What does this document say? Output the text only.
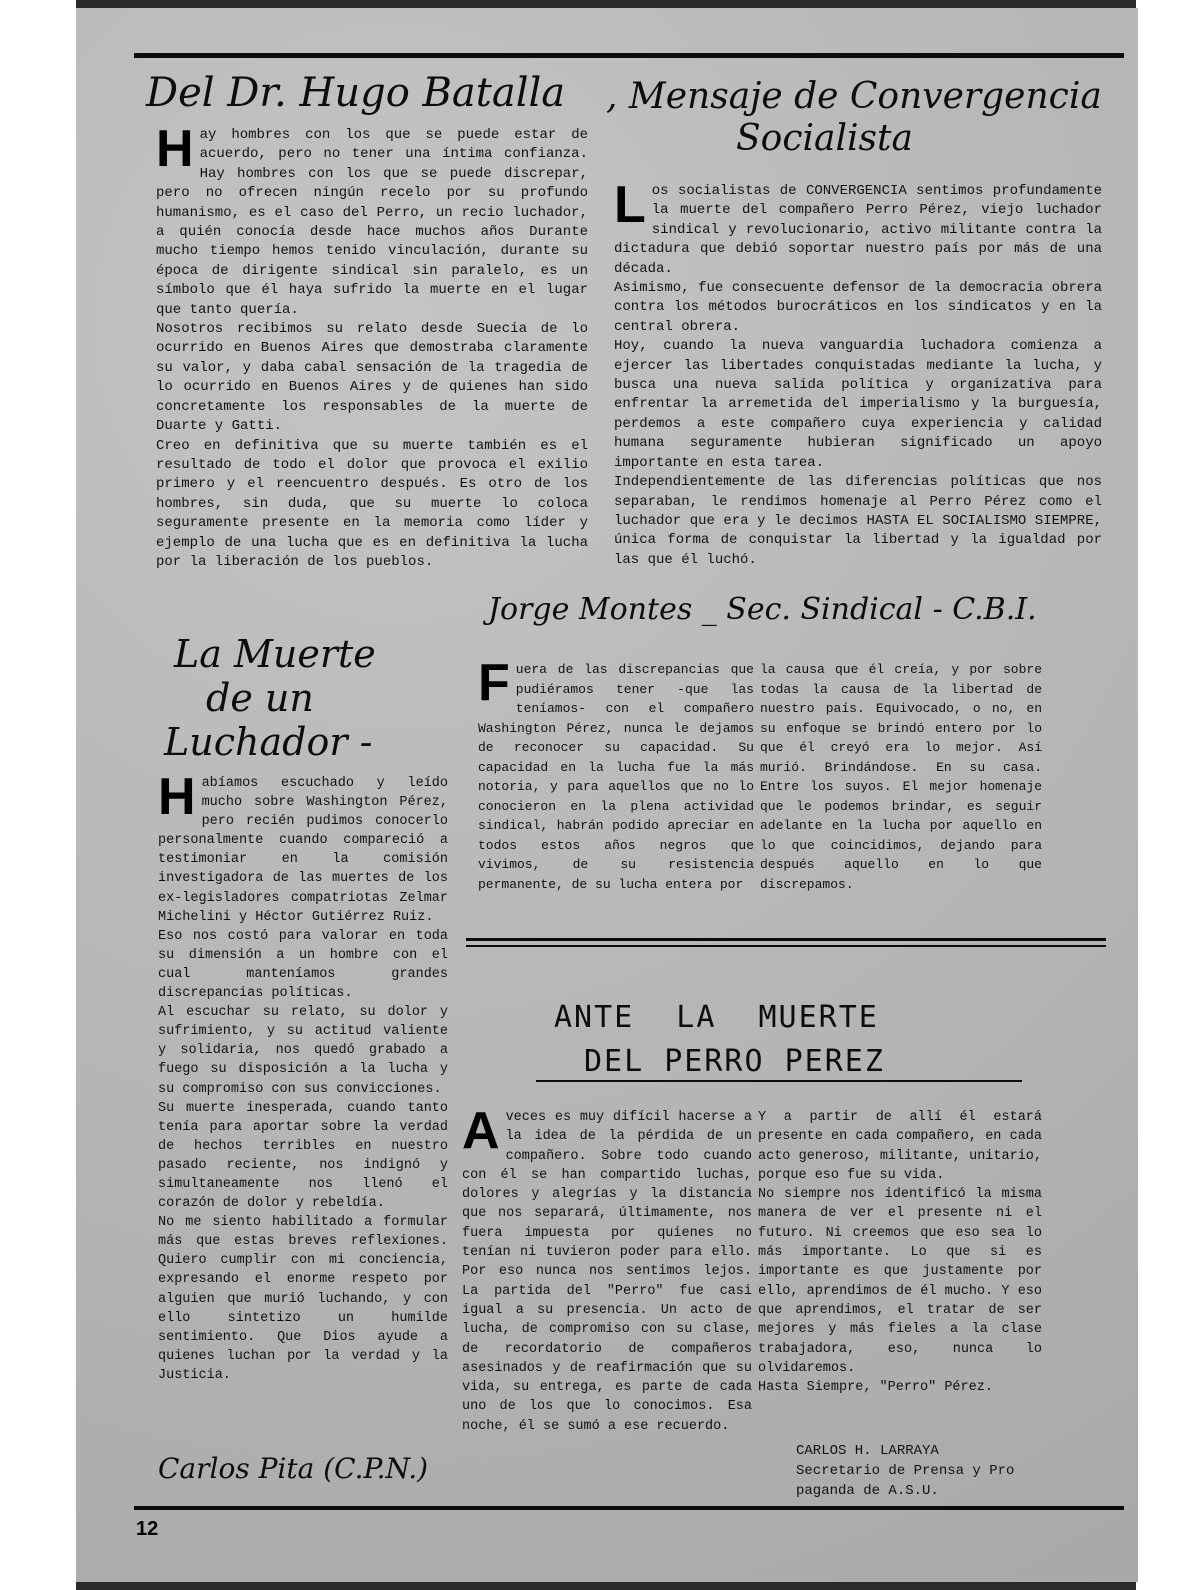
Del Dr. Hugo Batalla
H ay hombres con los que se puede estar de acuerdo, pero no tener una íntima confianza. Hay hombres con los que se puede discrepar, pero no ofrecen ningún recelo por su profundo humanismo, es el caso del Perro, un recio luchador, a quién conocía desde hace muchos años Durante mucho tiempo hemos tenido vinculación, durante su época de dirigente sindical sin paralelo, es un símbolo que él haya sufrido la muerte en el lugar que tanto quería.

Nosotros recibimos su relato desde Suecia de lo ocurrido en Buenos Aires que demostraba claramente su valor, y daba cabal sensación de la tragedia de lo ocurrido en Buenos Aires y de quienes han sido concretamente los responsables de la muerte de Duarte y Gatti.

Creo en definitiva que su muerte también es el resultado de todo el dolor que provoca el exilio primero y el reencuentro después. Es otro de los hombres, sin duda, que su muerte lo coloca seguramente presente en la memoria como líder y ejemplo de una lucha que es en definitiva la lucha por la liberación de los pueblos.

, Mensaje de Convergencia
Socialista
L os socialistas de CONVERGENCIA sentimos profundamente la muerte del compañero Perro Pérez, viejo luchador sindical y revolucionario, activo militante contra la dictadura que debió soportar nuestro país por más de una década.

Asimismo, fue consecuente defensor de la democracia obrera contra los métodos burocráticos en los sindicatos y en la central obrera.

Hoy, cuando la nueva vanguardia luchadora comienza a ejercer las libertades conquistadas mediante la lucha, y busca una nueva salida política y organizativa para enfrentar la arremetida del imperialismo y la burguesía, perdemos a este compañero cuya experiencia y calidad humana seguramente hubieran significado un apoyo importante en esta tarea.

Independientemente de las diferencias políticas que nos separaban, le rendimos homenaje al Perro Pérez como el luchador que era y le decimos HASTA EL SOCIALISMO SIEMPRE, única forma de conquistar la libertad y la igualdad por las que él luchó.

Jorge Montes _ Sec. Sindical - C.B.I.
F uera de las discrepancias que pudiéramos tener -que las teníamos- con el compañero Washington Pérez, nunca le dejamos de reconocer su capacidad. Su capacidad en la lucha fue la más notoria, y para aquellos que no lo conocieron en la plena actividad sindical, habrán podido apreciar en todos estos años negros que vivimos, de su resistencia permanente, de su lucha entera por

la causa que él creía, y por sobre todas la causa de la libertad de nuestro país. Equivocado, o no, en su enfoque se brindó entero por lo que él creyó era lo mejor. Así murió. Brindándose. En su casa. Entre los suyos. El mejor homenaje que le podemos brindar, es seguir adelante en la lucha por aquello en lo que coincidimos, dejando para después aquello en lo que discrepamos.

La Muerte
de un
Luchador -
H abíamos escuchado y leído mucho sobre Washington Pérez, pero recién pudimos conocerlo personalmente cuando compareció a testimoniar en la comisión investigadora de las muertes de los ex-legisladores compatriotas Zelmar Michelini y Héctor Gutiérrez Ruiz.

Eso nos costó para valorar en toda su dimensión a un hombre con el cual manteníamos grandes discrepancias políticas.

Al escuchar su relato, su dolor y sufrimiento, y su actitud valiente y solidaria, nos quedó grabado a fuego su disposición a la lucha y su compromiso con sus convicciones.

Su muerte inesperada, cuando tanto tenía para aportar sobre la verdad de hechos terribles en nuestro pasado reciente, nos indignó y simultaneamente nos llenó el corazón de dolor y rebeldía.

No me siento habilitado a formular más que estas breves reflexiones. Quiero cumplir con mi conciencia, expresando el enorme respeto por alguien que murió luchando, y con ello sintetizo un humilde sentimiento. Que Dios ayude a quienes luchan por la verdad y la Justicia.

Carlos Pita (C.P.N.)
ANTE LA MUERTE
DEL PERRO PEREZ
A veces es muy difícil hacerse a la idea de la pérdida de un compañero. Sobre todo cuando con él se han compartido luchas, dolores y alegrías y la distancia que nos separará, últimamente, nos fuera impuesta por quienes no tenían ni tuvieron poder para ello. Por eso nunca nos sentimos lejos. La partida del "Perro" fue casi igual a su presencia. Un acto de lucha, de compromiso con su clase, de recordatorio de compañeros asesinados y de reafirmación que su vida, su entrega, es parte de cada uno de los que lo conocimos. Esa noche, él se sumó a ese recuerdo.

Y a partir de allí él estará presente en cada compañero, en cada acto generoso, militante, unitario, porque eso fue su vida.

No siempre nos identificó la misma manera de ver el presente ni el futuro. Ni creemos que eso sea lo más importante. Lo que si es importante es que justamente por ello, aprendimos de él mucho. Y eso que aprendimos, el tratar de ser mejores y más fieles a la clase trabajadora, eso, nunca lo olvidaremos.

Hasta Siempre, "Perro" Pérez.

CARLOS H. LARRAYA
Secretario de Prensa y Pro
paganda de A.S.U.
12
